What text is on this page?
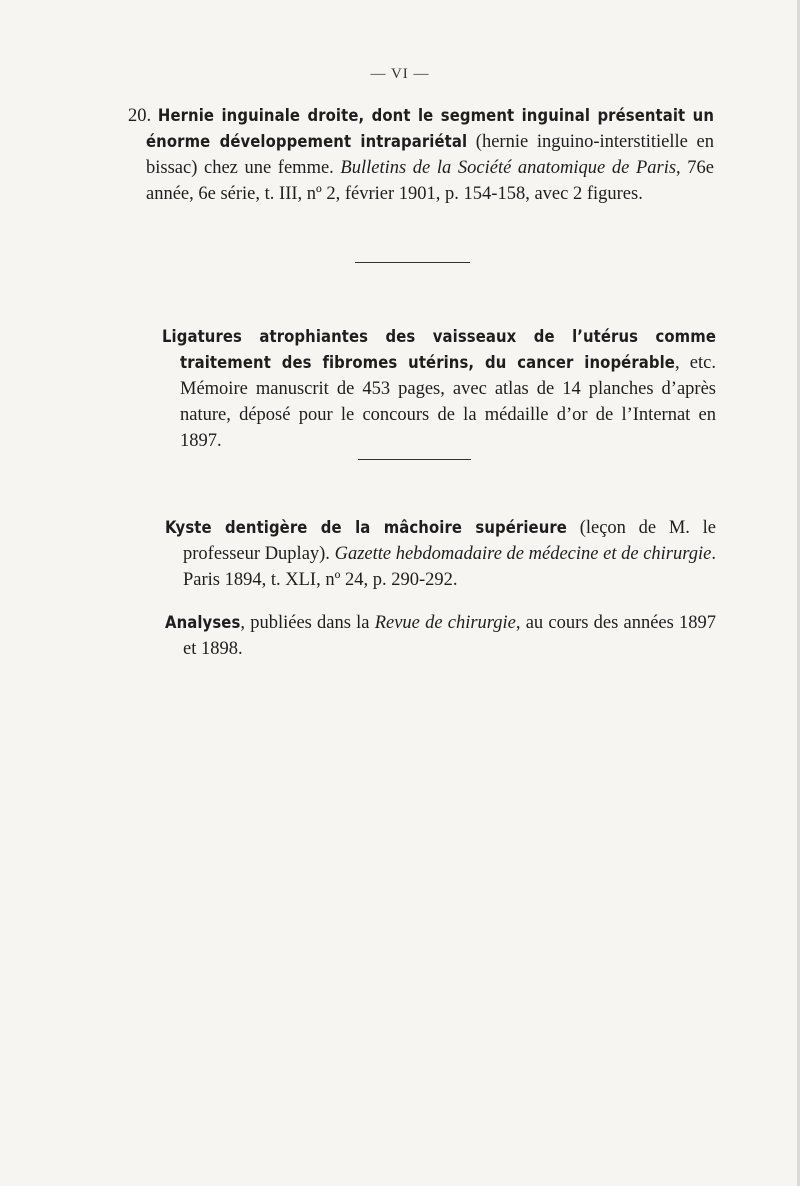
— VI —

20. Hernie inguinale droite, dont le segment inguinal présentait un énorme développement intrapariétal (hernie inguino-interstitielle en bissac) chez une femme. Bulletins de la Société anatomique de Paris, 76e année, 6e série, t. III, nº 2, février 1901, p. 154-158, avec 2 figures.

Ligatures atrophiantes des vaisseaux de l’utérus comme traitement des fibromes utérins, du cancer inopérable, etc. Mémoire manuscrit de 453 pages, avec atlas de 14 planches d’après nature, déposé pour le concours de la médaille d’or de l’Internat en 1897.

Kyste dentigère de la mâchoire supérieure (leçon de M. le professeur Duplay). Gazette hebdomadaire de médecine et de chirurgie. Paris 1894, t. XLI, nº 24, p. 290-292.

Analyses, publiées dans la Revue de chirurgie, au cours des années 1897 et 1898.
